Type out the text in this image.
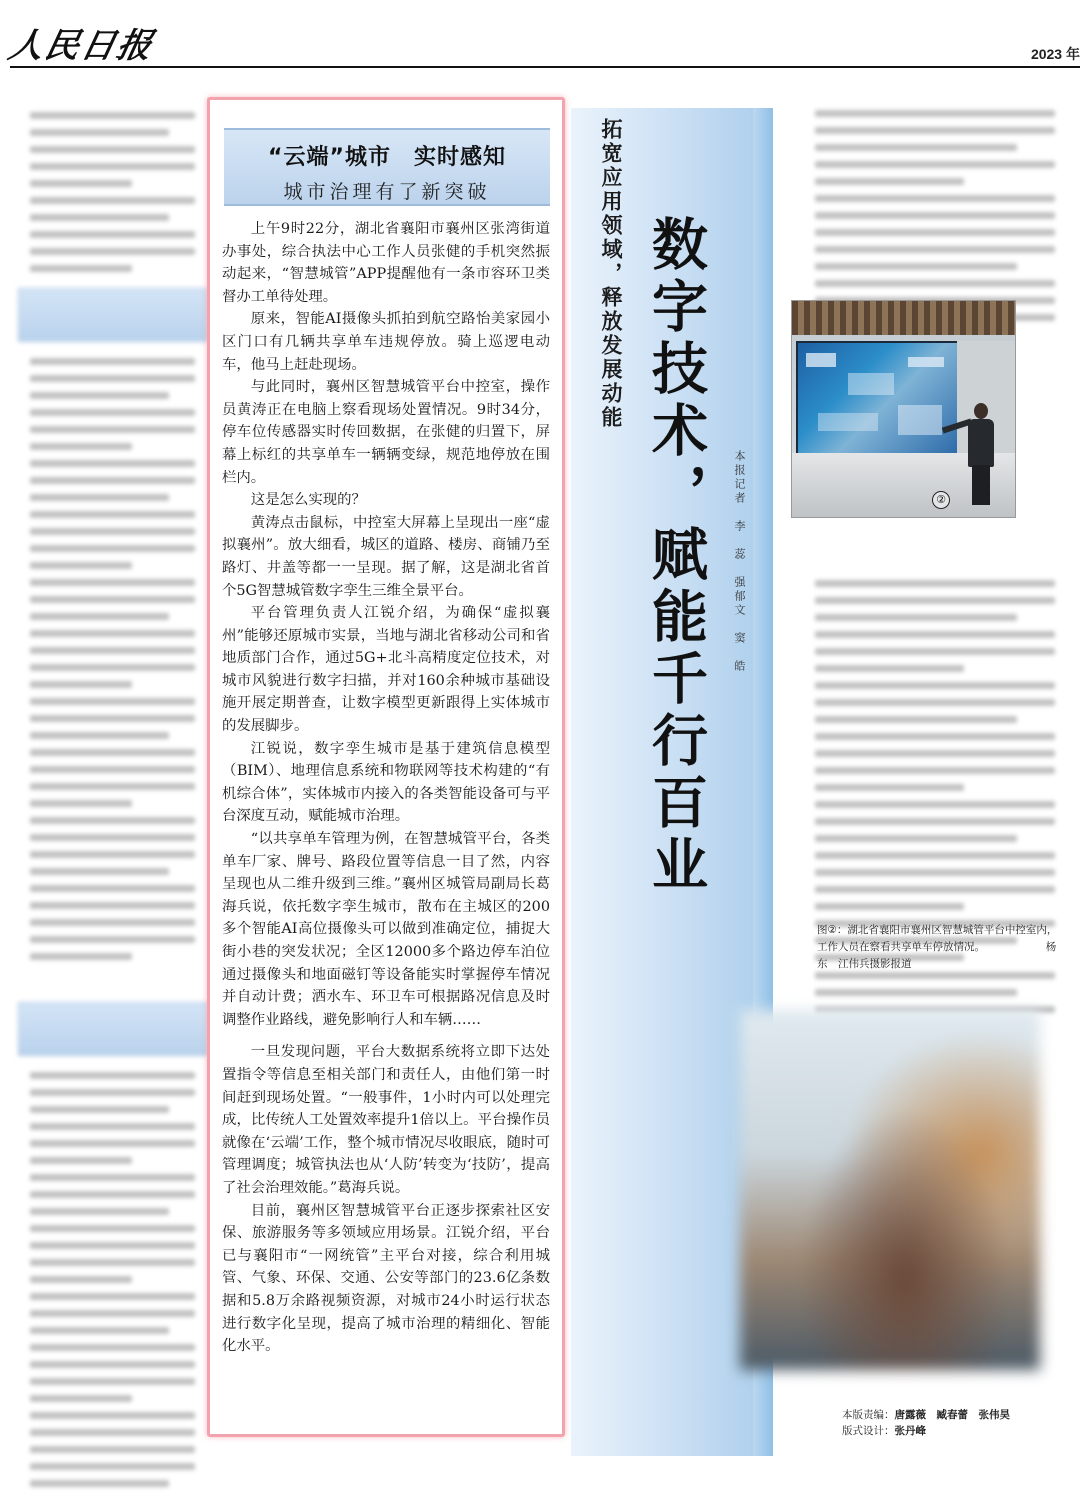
人民日报	2023 年
“云端”城市　实时感知
城市治理有了新突破

上午9时22分，湖北省襄阳市襄州区张湾街道办事处，综合执法中心工作人员张健的手机突然振动起来，“智慧城管”APP提醒他有一条市容环卫类督办工单待处理。

原来，智能AI摄像头抓拍到航空路怡美家园小区门口有几辆共享单车违规停放。骑上巡逻电动车，他马上赶赴现场。

与此同时，襄州区智慧城管平台中控室，操作员黄涛正在电脑上察看现场处置情况。9时34分，停车位传感器实时传回数据，在张健的归置下，屏幕上标红的共享单车一辆辆变绿，规范地停放在围栏内。

这是怎么实现的？

黄涛点击鼠标，中控室大屏幕上呈现出一座“虚拟襄州”。放大细看，城区的道路、楼房、商铺乃至路灯、井盖等都一一呈现。据了解，这是湖北省首个5G智慧城管数字孪生三维全景平台。

平台管理负责人江锐介绍，为确保“虚拟襄州”能够还原城市实景，当地与湖北省移动公司和省地质部门合作，通过5G+北斗高精度定位技术，对城市风貌进行数字扫描，并对160余种城市基础设施开展定期普查，让数字模型更新跟得上实体城市的发展脚步。

江锐说，数字孪生城市是基于建筑信息模型（BIM）、地理信息系统和物联网等技术构建的“有机综合体”，实体城市内接入的各类智能设备可与平台深度互动，赋能城市治理。

“以共享单车管理为例，在智慧城管平台，各类单车厂家、牌号、路段位置等信息一目了然，内容呈现也从二维升级到三维。”襄州区城管局副局长葛海兵说，依托数字孪生城市，散布在主城区的200多个智能AI高位摄像头可以做到准确定位，捕捉大街小巷的突发状况；全区12000多个路边停车泊位通过摄像头和地面磁钉等设备能实时掌握停车情况并自动计费；洒水车、环卫车可根据路况信息及时调整作业路线，避免影响行人和车辆……

一旦发现问题，平台大数据系统将立即下达处置指令等信息至相关部门和责任人，由他们第一时间赶到现场处置。“一般事件，1小时内可以处理完成，比传统人工处置效率提升1倍以上。平台操作员就像在‘云端’工作，整个城市情况尽收眼底，随时可管理调度；城管执法也从‘人防’转变为‘技防’，提高了社会治理效能。”葛海兵说。

目前，襄州区智慧城管平台正逐步探索社区安保、旅游服务等多领域应用场景。江锐介绍，平台已与襄阳市“一网统管”主平台对接，综合利用城管、气象、环保、交通、公安等部门的23.6亿条数据和5.8万余路视频资源，对城市24小时运行状态进行数字化呈现，提高了城市治理的精细化、智能化水平。

拓宽应用领域，释放发展动能 数字技术，赋能千行百业	本报记者　李　蕊　强郁文　窦　皓	②
图②：湖北省襄阳市襄州区智慧城管平台中控室内，工作人员在察看共享单车停放情况。	杨　东　江伟兵摄影报道
本版责编：唐露薇　臧春蕾　张伟昊
版式设计：张丹峰
